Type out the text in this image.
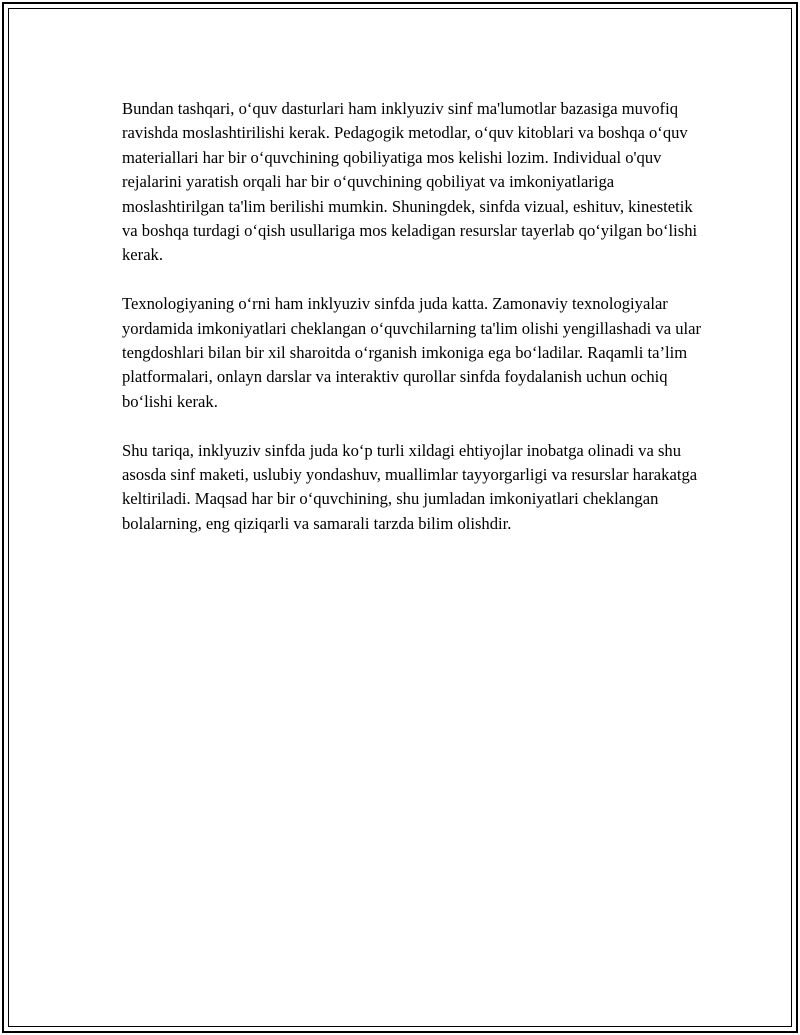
Bundan tashqari, o‘quv dasturlari ham inklyuziv sinf ma'lumotlar bazasiga muvofiq ravishda moslashtirilishi kerak. Pedagogik metodlar, o‘quv kitoblari va boshqa o‘quv materiallari har bir o‘quvchining qobiliyatiga mos kelishi lozim. Individual o'quv rejalarini yaratish orqali har bir o‘quvchining qobiliyat va imkoniyatlariga moslashtirilgan ta'lim berilishi mumkin. Shuningdek, sinfda vizual, eshituv, kinestetik va boshqa turdagi o‘qish usullariga mos keladigan resurslar tayerlab qo‘yilgan bo‘lishi kerak.

Texnologiyaning o‘rni ham inklyuziv sinfda juda katta. Zamonaviy texnologiyalar yordamida imkoniyatlari cheklangan o‘quvchilarning ta'lim olishi yengillashadi va ular tengdoshlari bilan bir xil sharoitda o‘rganish imkoniga ega bo‘ladilar. Raqamli ta’lim platformalari, onlayn darslar va interaktiv qurollar sinfda foydalanish uchun ochiq bo‘lishi kerak.

Shu tariqa, inklyuziv sinfda juda ko‘p turli xildagi ehtiyojlar inobatga olinadi va shu asosda sinf maketi, uslubiy yondashuv, muallimlar tayyorgarligi va resurslar harakatga keltiriladi. Maqsad har bir o‘quvchining, shu jumladan imkoniyatlari cheklangan bolalarning, eng qiziqarli va samarali tarzda bilim olishdir.
